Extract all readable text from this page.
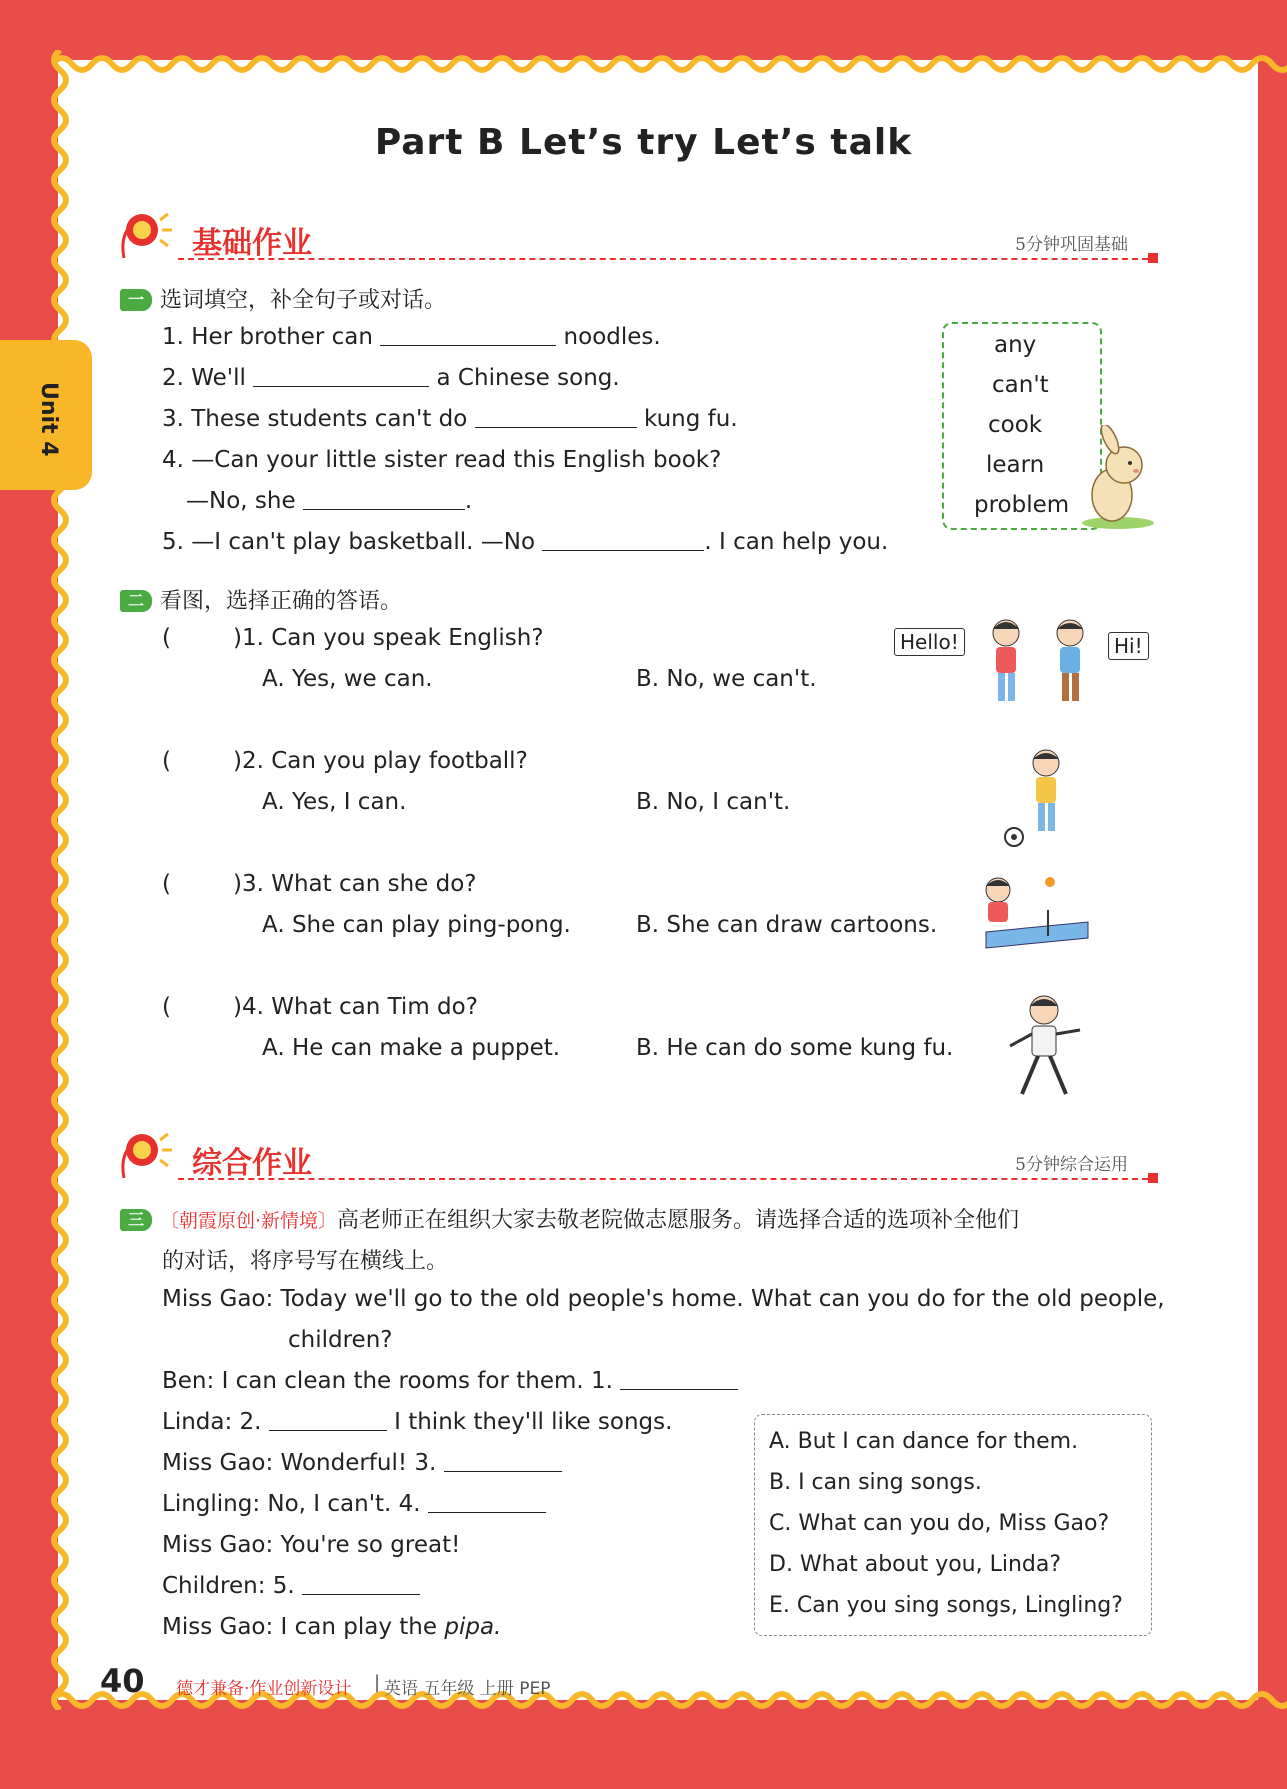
Unit 4
Part B Let’s try Let’s talk
基础作业	5分钟巩固基础
一 选词填空，补全句子或对话。
1. Her brother can	noodles.
2. We'll	a Chinese song.
3. These students can't do	kung fu.
4. —Can your little sister read this English book?
—No, she	.
5. —I can't play basketball. —No	. I can help you.
any
can't
cook
learn
problem
二 看图，选择正确的答语。
(	)1. Can you speak English?
A. Yes, we can.	B. No, we can't.
(	)2. Can you play football?
A. Yes, I can.	B. No, I can't.
(	)3. What can she do?
A. She can play ping-pong.	B. She can draw cartoons.
(	)4. What can Tim do?
A. He can make a puppet.	B. He can do some kung fu.
Hello!	Hi!
综合作业	5分钟综合运用
三 〔朝霞原创·新情境〕高老师正在组织大家去敬老院做志愿服务。请选择合适的选项补全他们
的对话，将序号写在横线上。
Miss Gao: Today we'll go to the old people's home. What can you do for the old people,
children?
Ben: I can clean the rooms for them. 1.
Linda: 2.	I think they'll like songs.
Miss Gao: Wonderful! 3.
Lingling: No, I can't. 4.
Miss Gao: You're so great!
Children: 5.
Miss Gao: I can play the pipa.
A. But I can dance for them.
B. I can sing songs.
C. What can you do, Miss Gao?
D. What about you, Linda?
E. Can you sing songs, Lingling?
40 德才兼备·作业创新设计 | 英语 五年级 上册 PEP
